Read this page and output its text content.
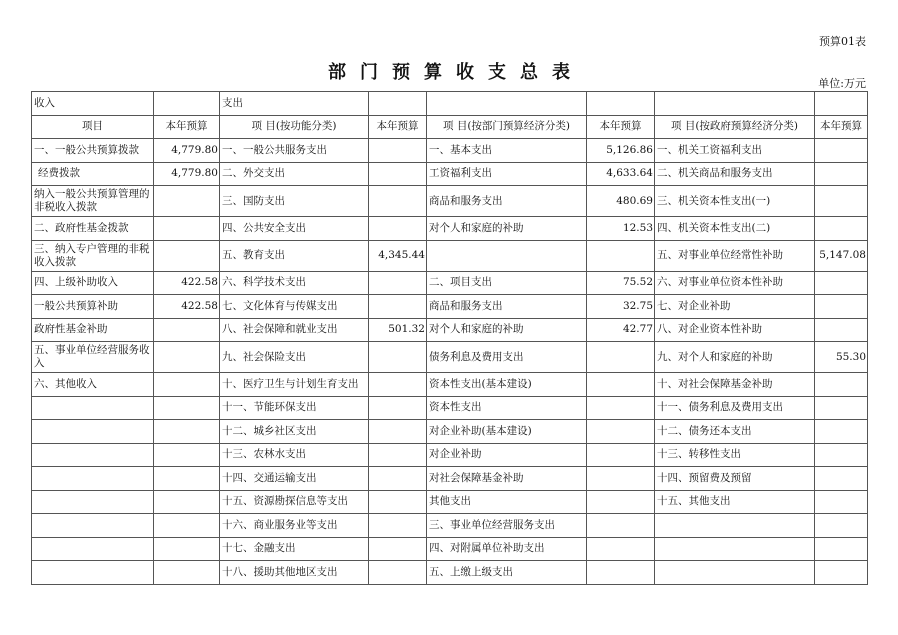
预算01表
部 门 预 算 收 支 总 表
单位:万元
收入		支出					
项目	本年预算	项 目(按功能分类)	本年预算	项 目(按部门预算经济分类)	本年预算	项 目(按政府预算经济分类)	本年预算
一、一般公共预算拨款	4,779.80	一、一般公共服务支出		一、基本支出	5,126.86	一、机关工资福利支出	
经费拨款	4,779.80	二、外交支出		工资福利支出	4,633.64	二、机关商品和服务支出	
纳入一般公共预算管理的非税收入拨款		三、国防支出		商品和服务支出	480.69	三、机关资本性支出(一)	
二、政府性基金拨款		四、公共安全支出		对个人和家庭的补助	12.53	四、机关资本性支出(二)	
三、纳入专户管理的非税收入拨款		五、教育支出	4,345.44			五、对事业单位经常性补助	5,147.08
四、上级补助收入	422.58	六、科学技术支出		二、项目支出	75.52	六、对事业单位资本性补助	
一般公共预算补助	422.58	七、文化体育与传媒支出		商品和服务支出	32.75	七、对企业补助	
政府性基金补助		八、社会保障和就业支出	501.32	对个人和家庭的补助	42.77	八、对企业资本性补助	
五、事业单位经营服务收入		九、社会保险支出		债务利息及费用支出		九、对个人和家庭的补助	55.30
六、其他收入		十、医疗卫生与计划生育支出		资本性支出(基本建设)		十、对社会保障基金补助	
		十一、节能环保支出		资本性支出		十一、债务利息及费用支出	
		十二、城乡社区支出		对企业补助(基本建设)		十二、债务还本支出	
		十三、农林水支出		对企业补助		十三、转移性支出	
		十四、交通运输支出		对社会保障基金补助		十四、预留费及预留	
		十五、资源勘探信息等支出		其他支出		十五、其他支出	
		十六、商业服务业等支出		三、事业单位经营服务支出			
		十七、金融支出		四、对附属单位补助支出			
		十八、援助其他地区支出		五、上缴上级支出			
